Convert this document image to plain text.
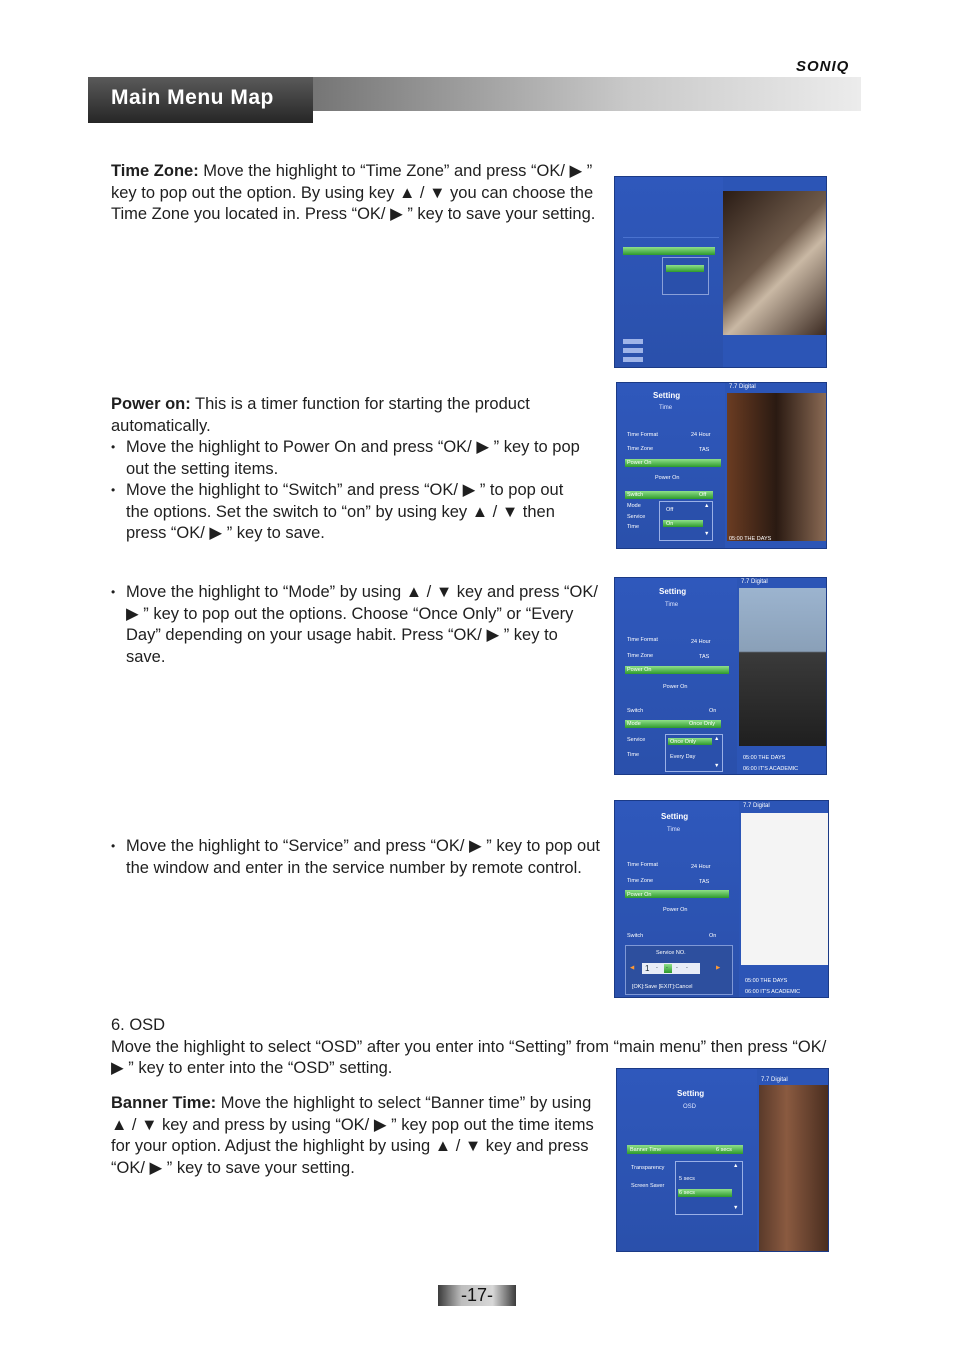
SONIQ
Main Menu Map
Time Zone: Move the highlight to “Time Zone” and press “OK/ ▶ ” key to pop out the option. By using key ▲ / ▼ you can choose the Time Zone you located in. Press “OK/ ▶ ” key to save your setting.
Power on: This is a timer function for starting the product automatically.
• Move the highlight to Power On and press “OK/ ▶ ” key to pop out the setting items.
• Move the highlight to “Switch” and press “OK/ ▶ ” to pop out the options. Set the switch to “on” by using key ▲ / ▼ then press “OK/ ▶ ” key to save.
7.7 Digital
Setting
Time
Time Format	24 Hour
Time Zone	TAS
Power On
Power On
Switch	Off
Mode
Service
Time
Off
On
▲
▼
05:00 THE DAYS
• Move the highlight to “Mode” by using ▲ / ▼ key and press “OK/ ▶ ” key to pop out the options. Choose “Once Only” or “Every Day” depending on your usage habit. Press “OK/ ▶ ” key to save.
7.7 Digital
Setting
Time
Time Format	24 Hour
Time Zone	TAS
Power On
Power On
Switch	On
Mode	Once Only
Service
Time
Once Only
Every Day
▲
▼
05:00 THE DAYS
06:00 IT'S ACADEMIC
• Move the highlight to “Service” and press “OK/ ▶ ” key to pop out the window and enter in the service number by remote control.
7.7 Digital
Setting
Time
Time Format	24 Hour
Time Zone	TAS
Power On
Power On
Switch	On
Service NO.
◀ 1 - - - -	▶
[OK]:Save [EXIT]:Cancel
05:00 THE DAYS
06:00 IT'S ACADEMIC
6. OSD
Move the highlight to select “OSD” after you enter into “Setting” from “main menu” then press “OK/ ▶ ” key to enter into the “OSD” setting.
Banner Time: Move the highlight to select “Banner time” by using ▲ / ▼ key and press by using “OK/ ▶ ” key pop out the time items for your option. Adjust the highlight by using ▲ / ▼ key and press “OK/ ▶ ” key to save your setting.
7.7 Digital
Setting
OSD
Banner Time	6 secs
Transparency
Screen Saver
5 secs
6 secs
▲
▼
-17-
